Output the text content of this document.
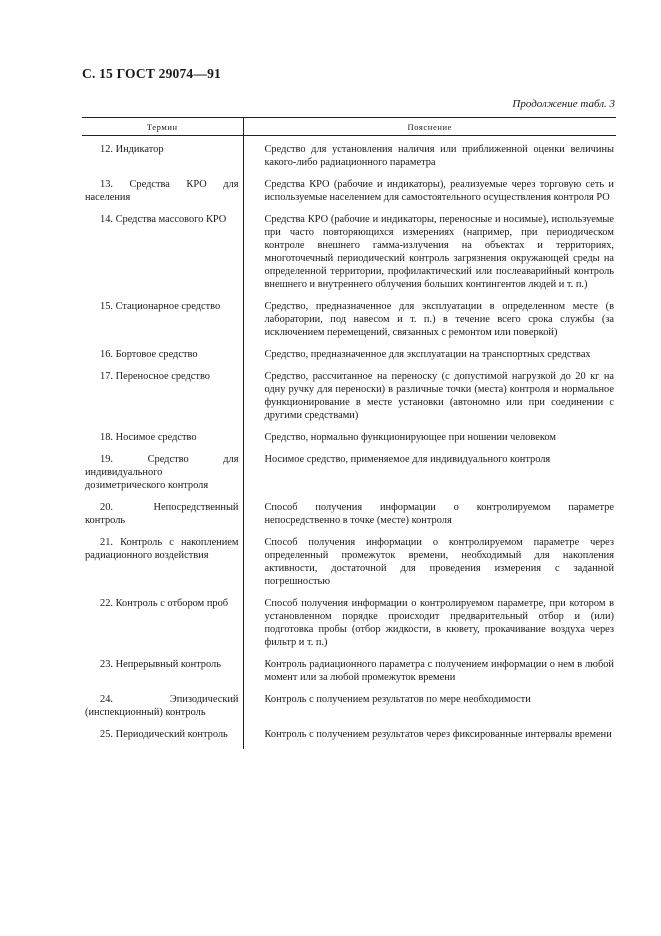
С. 15 ГОСТ 29074—91
Продолжение табл. 3
Термин	Пояснение

12. Индикатор	Средство для установления наличия или приближенной оценки величины какого-либо радиационного параметра

13. Средства КРО для населения	Средства КРО (рабочие и индикаторы), реализуемые через торговую сеть и используемые населением для самостоятельного осуществления контроля РО

14. Средства массового КРО	Средства КРО (рабочие и индикаторы, переносные и носимые), используемые при часто повторяющихся измерениях (например, при периодическом контроле внешнего гамма-излучения на объектах и территориях, многоточечный периодический контроль загрязнения окружающей среды на определенной территории, профилактический или послеаварийный контроль внешнего и внутреннего облучения больших контингентов людей и т. п.)

15. Стационарное средство	Средство, предназначенное для эксплуатации в определенном месте (в лаборатории, под навесом и т. п.) в течение всего срока службы (за исключением перемещений, связанных с ремонтом или поверкой)

16. Бортовое средство	Средство, предназначенное для эксплуатации на транспортных средствах

17. Переносное средство	Средство, рассчитанное на переноску (с допустимой нагрузкой до 20 кг на одну ручку для переноски) в различные точки (места) контроля и нормальное функционирование в месте установки (автономно или при соединении с другими средствами)

18. Носимое средство	Средство, нормально функционирующее при ношении человеком

19. Средство для индивидуального дозиметрического контроля	Носимое средство, применяемое для индивидуального контроля

20. Непосредственный контроль	Способ получения информации о контролируемом параметре непосредственно в точке (месте) контроля

21. Контроль с накоплением радиационного воздействия	Способ получения информации о контролируемом параметре через определенный промежуток времени, необходимый для накопления активности, достаточной для проведения измерения с заданной погрешностью

22. Контроль с отбором проб	Способ получения информации о контролируемом параметре, при котором в установленном порядке происходит предварительный отбор и (или) подготовка пробы (отбор жидкости, в кювету, прокачивание воздуха через фильтр и т. п.)

23. Непрерывный контроль	Контроль радиационного параметра с получением информации о нем в любой момент или за любой промежуток времени

24. Эпизодический (инспекционный) контроль	Контроль с получением результатов по мере необходимости

25. Периодический контроль	Контроль с получением результатов через фиксированные интервалы времени
